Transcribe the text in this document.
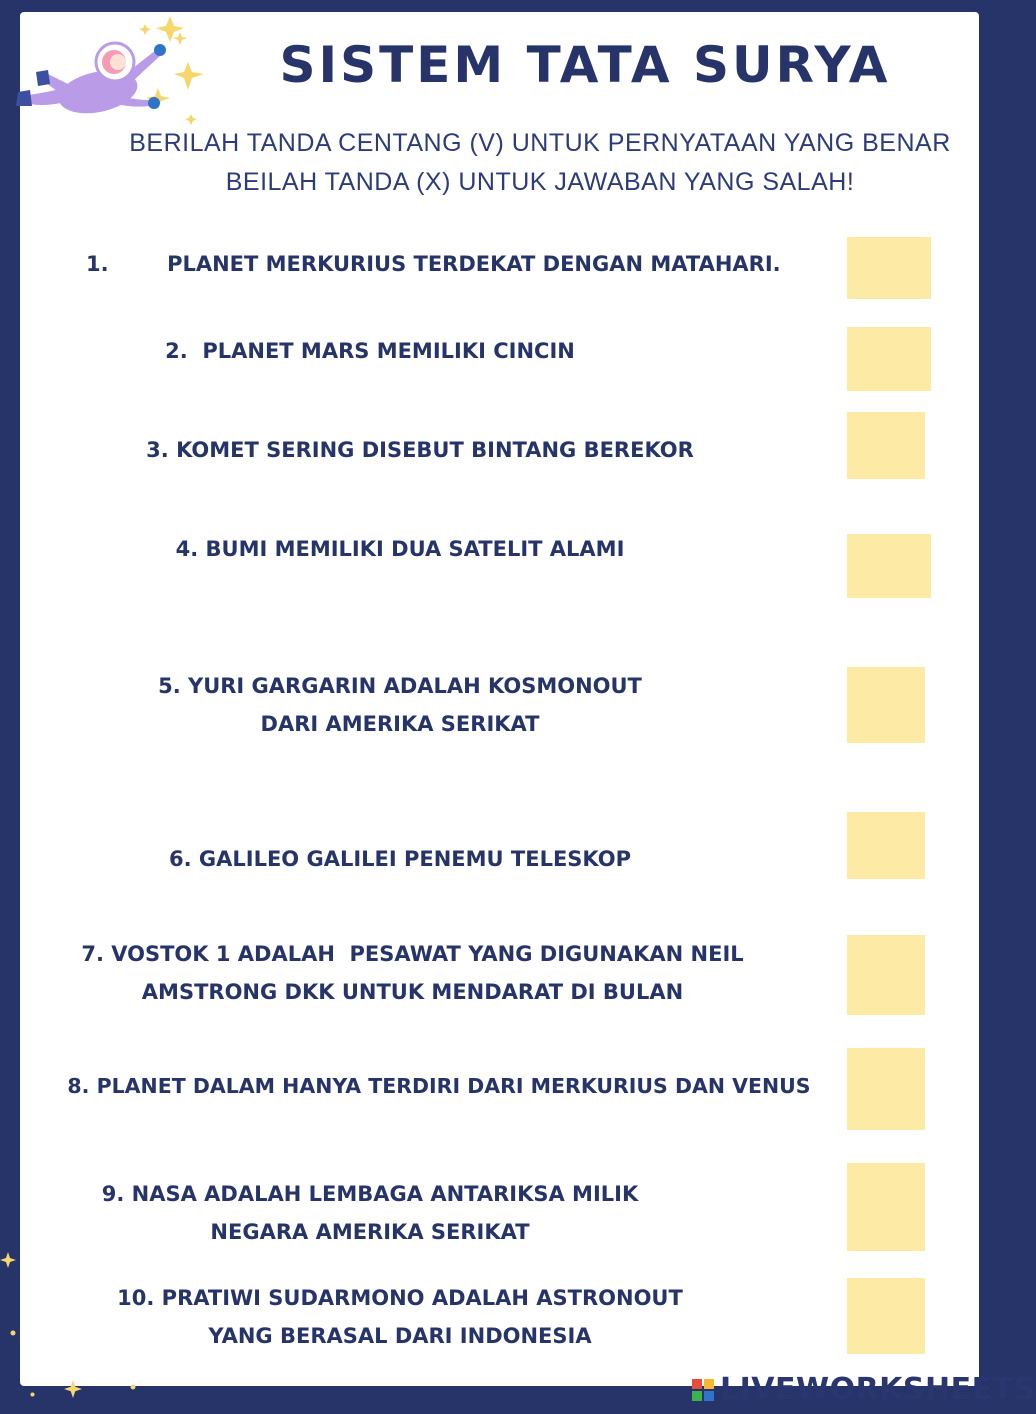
SISTEM TATA SURYA
BERILAH TANDA CENTANG (V) UNTUK PERNYATAAN YANG BENAR
BEILAH TANDA (X) UNTUK JAWABAN YANG SALAH!
1.        PLANET MERKURIUS TERDEKAT DENGAN MATAHARI.
2.  PLANET MARS MEMILIKI CINCIN
3. KOMET SERING DISEBUT BINTANG BEREKOR
4. BUMI MEMILIKI DUA SATELIT ALAMI
5. YURI GARGARIN ADALAH KOSMONOUT
DARI AMERIKA SERIKAT
6. GALILEO GALILEI PENEMU TELESKOP
7. VOSTOK 1 ADALAH  PESAWAT YANG DIGUNAKAN NEIL
AMSTRONG DKK UNTUK MENDARAT DI BULAN
8. PLANET DALAM HANYA TERDIRI DARI MERKURIUS DAN VENUS
9. NASA ADALAH LEMBAGA ANTARIKSA MILIK
NEGARA AMERIKA SERIKAT
10. PRATIWI SUDARMONO ADALAH ASTRONOUT
YANG BERASAL DARI INDONESIA
LIVEWORKSHEETS
